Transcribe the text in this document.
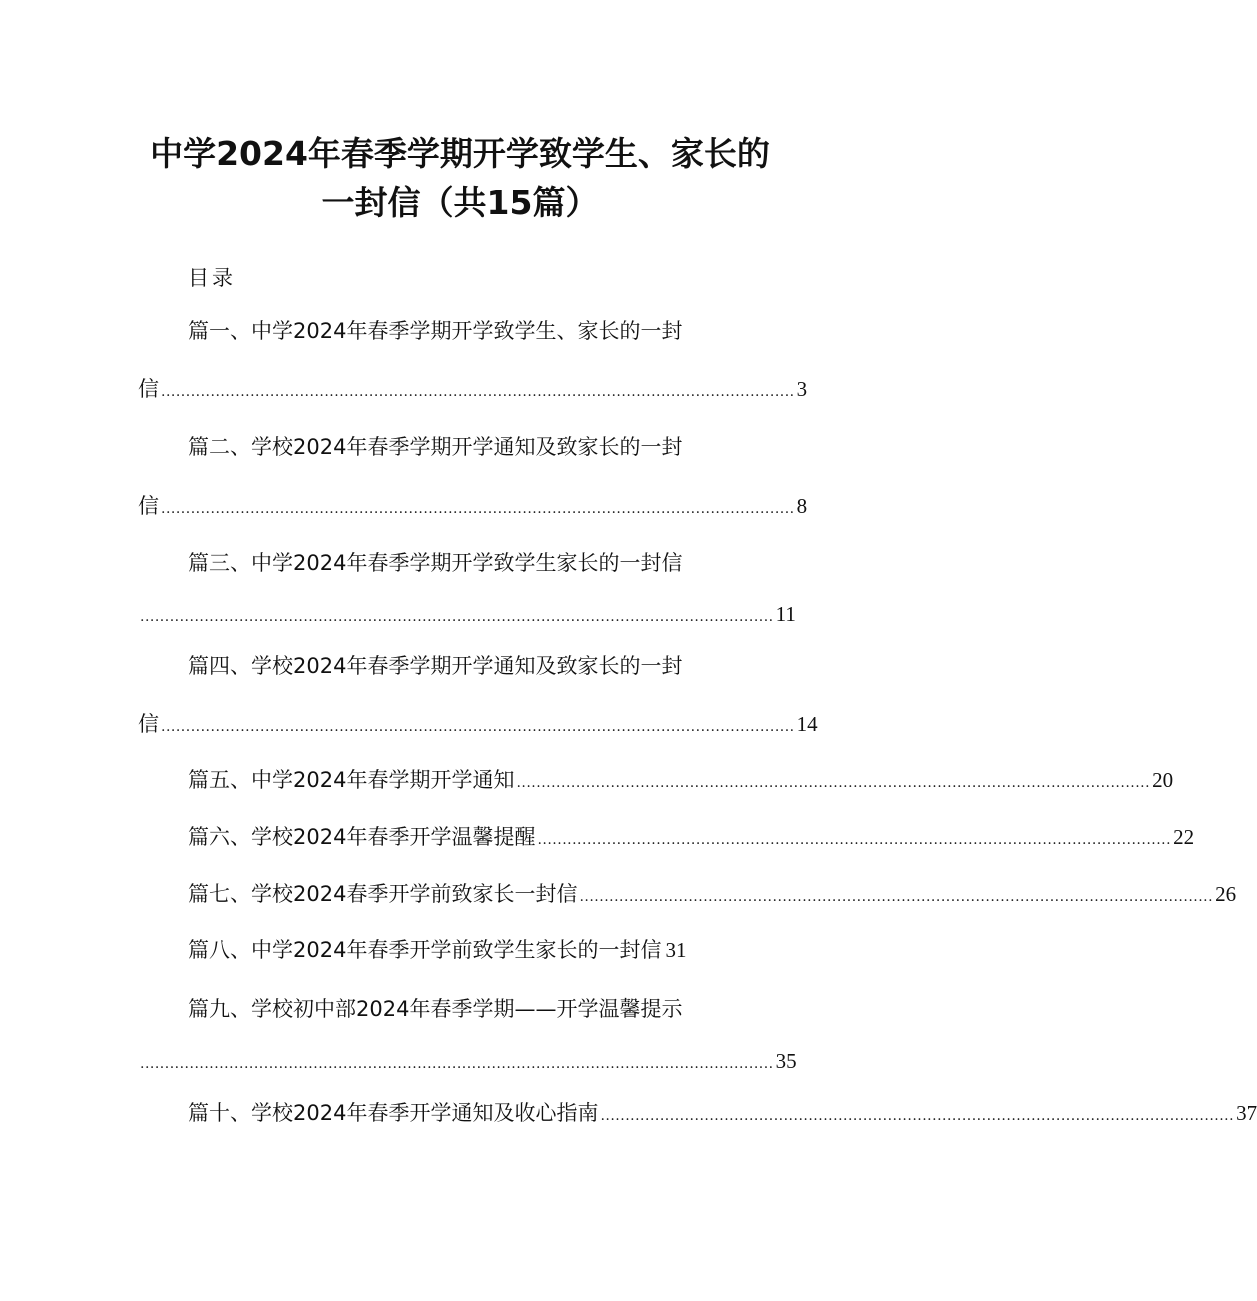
中学2024年春季学期开学致学生、家长的
一封信（共15篇）
目录
篇一、中学2024年春季学期开学致学生、家长的一封
信 ................................................................................................................................ 3
篇二、学校2024年春季学期开学通知及致家长的一封
信 ................................................................................................................................ 8
篇三、中学2024年春季学期开学致学生家长的一封信
................................................................................................................................ 11
篇四、学校2024年春季学期开学通知及致家长的一封
信 ................................................................................................................................ 14
篇五、中学2024年春学期开学通知 ................................................................................................................................ 20
篇六、学校2024年春季开学温馨提醒 ................................................................................................................................ 22
篇七、学校2024春季开学前致家长一封信 ................................................................................................................................ 26
篇八、中学2024年春季开学前致学生家长的一封信 31
篇九、学校初中部2024年春季学期——开学温馨提示
................................................................................................................................ 35
篇十、学校2024年春季开学通知及收心指南 ................................................................................................................................ 37
